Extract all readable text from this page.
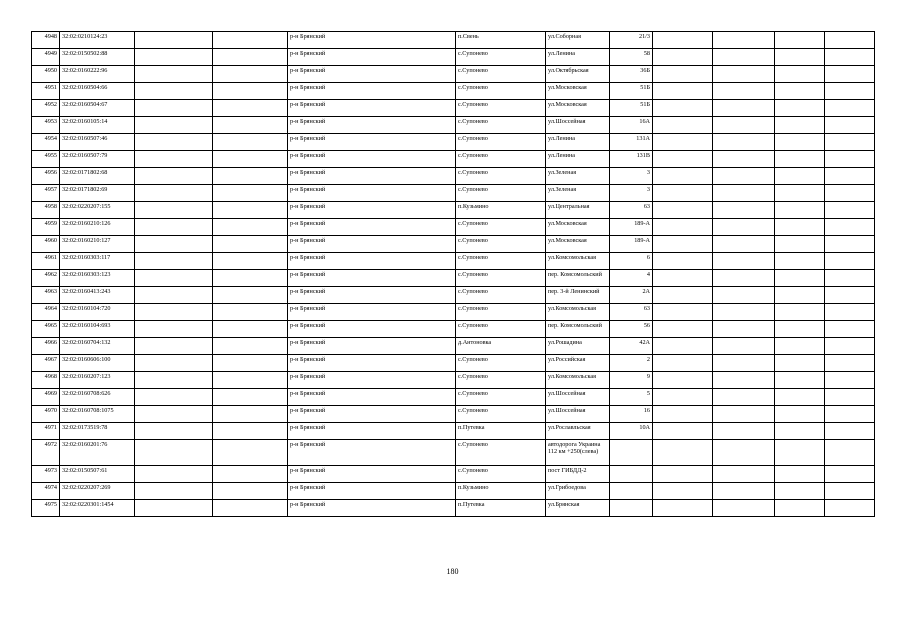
4948	32:02:0210124:23			р-н Брянский	п.Свень	ул.Соборная	21/3				
4949	32:02:0150502:88			р-н Брянский	с.Супонево	ул.Ленина	58				
4950	32:02:0160222:96			р-н Брянский	с.Супонево	ул.Октябрьская	36Б				
4951	32:02:0160504:66			р-н Брянский	с.Супонево	ул.Московская	51Б				
4952	32:02:0160504:67			р-н Брянский	с.Супонево	ул.Московская	51Б				
4953	32:02:0160105:14			р-н Брянский	с.Супонево	ул.Шоссейная	16А				
4954	32:02:0160507:46			р-н Брянский	с.Супонево	ул.Ленина	131А				
4955	32:02:0160507:79			р-н Брянский	с.Супонево	ул.Ленина	131В				
4956	32:02:0171802:68			р-н Брянский	с.Супонево	ул.Зеленая	3				
4957	32:02:0171802:69			р-н Брянский	с.Супонево	ул.Зеленая	3				
4958	32:02:0220207:155			р-н Брянский	п.Кузьмино	ул.Центральная	63				
4959	32:02:0160210:126			р-н Брянский	с.Супонево	ул.Московская	189-А				
4960	32:02:0160210:127			р-н Брянский	с.Супонево	ул.Московская	189-А				
4961	32:02:0160303:117			р-н Брянский	с.Супонево	ул.Комсомольская	6				
4962	32:02:0160303:123			р-н Брянский	с.Супонево	пер. Комсомольский	4				
4963	32:02:0160413:243			р-н Брянский	с.Супонево	пер. 3-й Ленинский	2А				
4964	32:02:0160104:720			р-н Брянский	с.Супонево	ул.Комсомольская	63				
4965	32:02:0160104:693			р-н Брянский	с.Супонево	пер. Комсомольский	56				
4966	32:02:0160704:132			р-н Брянский	д.Антоновка	ул.Рошадина	42А				
4967	32:02:0160606:100			р-н Брянский	с.Супонево	ул.Российская	2				
4968	32:02:0160207:123			р-н Брянский	с.Супонево	ул.Комсомольская	9				
4969	32:02:0160708:626			р-н Брянский	с.Супонево	ул.Шоссейная	5				
4970	32:02:0160708:1075			р-н Брянский	с.Супонево	ул.Шоссейная	16				
4971	32:02:0173519:78			р-н Брянский	п.Путевка	ул.Рославльская	10А				
4972	32:02:0160201:76			р-н Брянский	с.Супонево	автодорога Украина 112 км +250(слева)					
4973	32:02:0150507:61			р-н Брянский	с.Супонево	пост ГИБДД-2					
4974	32:02:0220207:269			р-н Брянский	п.Кузьмино	ул.Грибоедова					
4975	32:02:0220301:1454			р-н Брянский	п.Путевка	ул.Брянская					
180
